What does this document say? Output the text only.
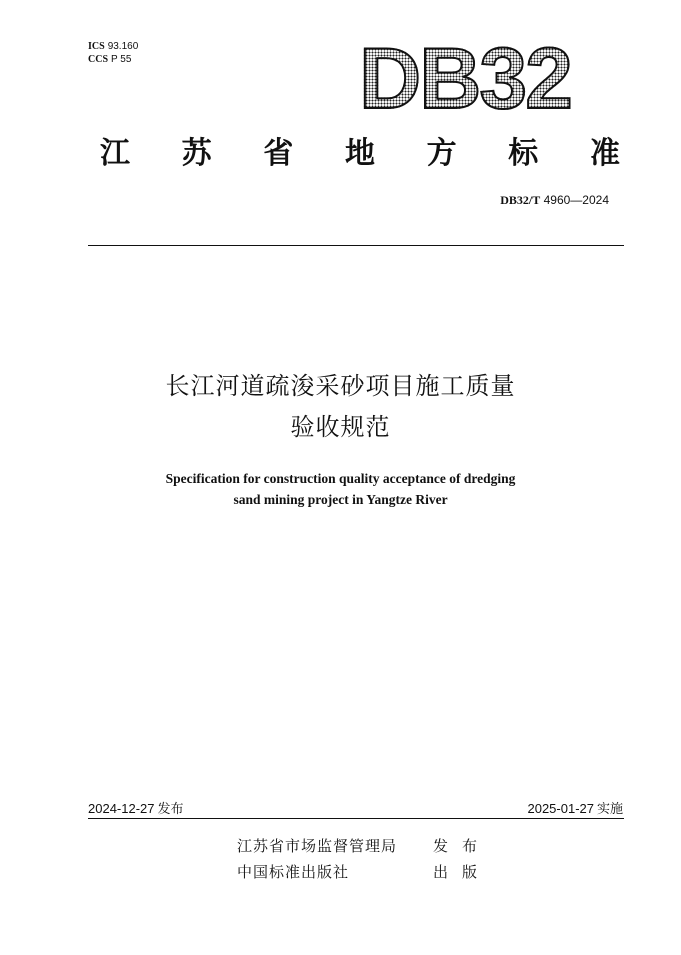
ICS 93.160
CCS P 55	DB32
江 苏 省 地 方 标 准
DB32/T 4960—2024
长江河道疏浚采砂项目施工质量
验收规范
Specification for construction quality acceptance of dredging
sand mining project in Yangtze River
2024-12-27 发布	2025-01-27 实施
江苏省市场监督管理局 发布
中国标准出版社	出版
